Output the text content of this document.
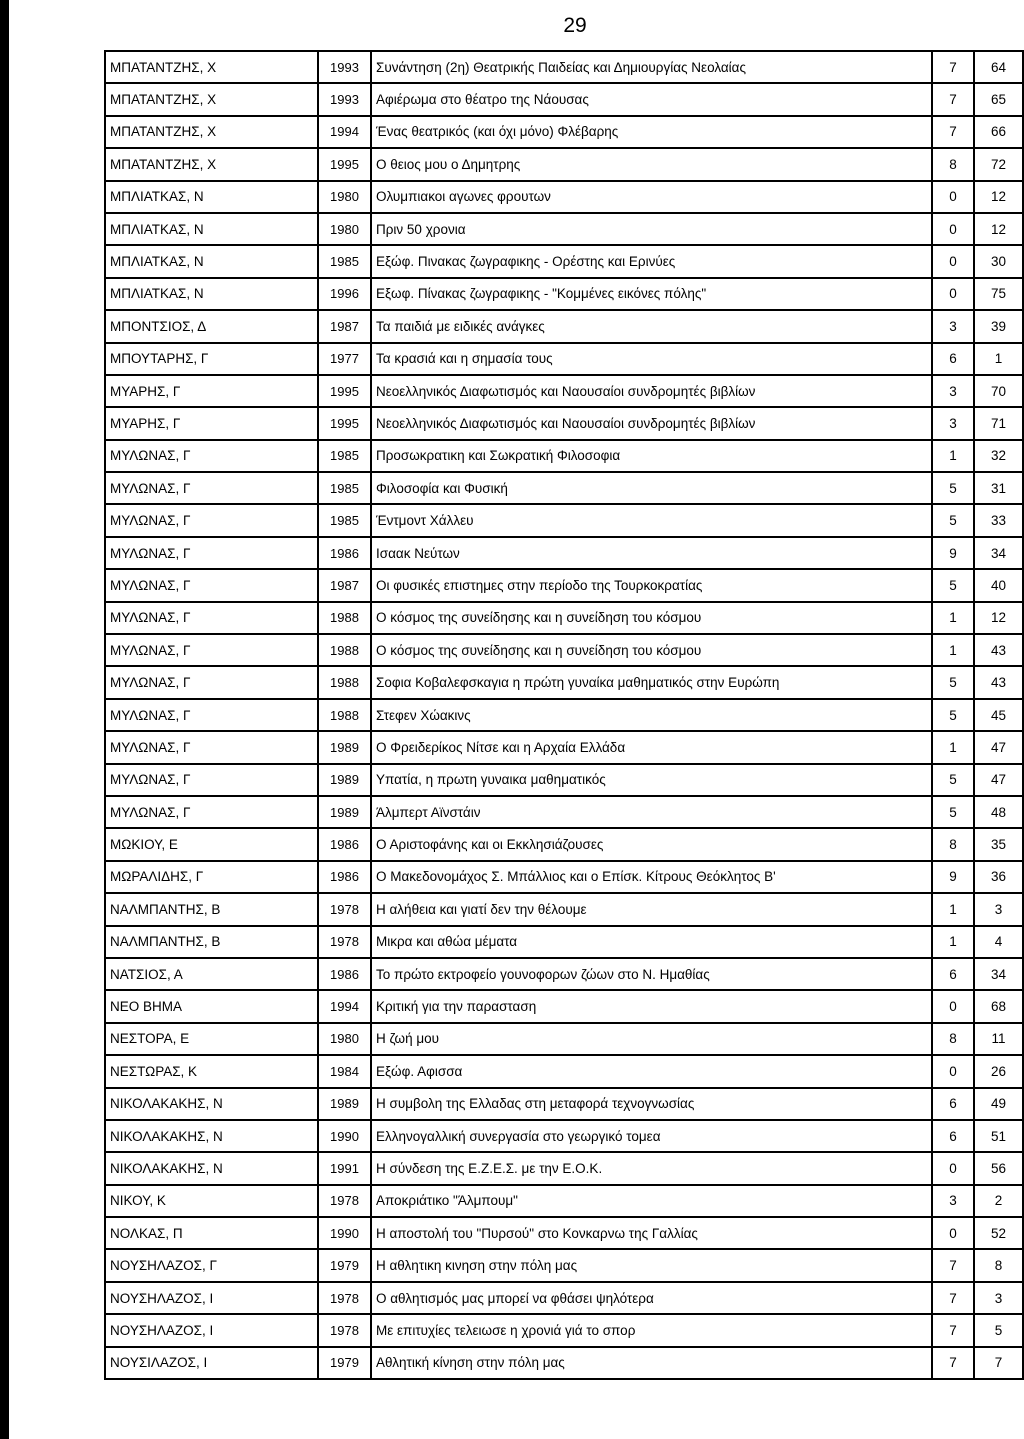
29
ΜΠΑΤΑΝΤΖΗΣ, Χ	1993	Συνάντηση (2η) Θεατρικής Παιδείας και Δημιουργίας Νεολαίας	7	64
ΜΠΑΤΑΝΤΖΗΣ, Χ	1993	Αφιέρωμα στο θέατρο της Νάουσας	7	65
ΜΠΑΤΑΝΤΖΗΣ, Χ	1994	Ένας θεατρικός (και όχι μόνο) Φλέβαρης	7	66
ΜΠΑΤΑΝΤΖΗΣ, Χ	1995	Ο θειος μου ο Δημητρης	8	72
ΜΠΛΙΑΤΚΑΣ, Ν	1980	Ολυμπιακοι αγωνες φρουτων	0	12
ΜΠΛΙΑΤΚΑΣ, Ν	1980	Πριν 50 χρονια	0	12
ΜΠΛΙΑΤΚΑΣ, Ν	1985	Εξώφ. Πινακας ζωγραφικης - Ορέστης και Ερινύες	0	30
ΜΠΛΙΑΤΚΑΣ, Ν	1996	Εξωφ. Πίνακας ζωγραφικης - "Κομμένες εικόνες πόλης"	0	75
ΜΠΟΝΤΣΙΟΣ, Δ	1987	Τα παιδιά με ειδικές ανάγκες	3	39
ΜΠΟΥΤΑΡΗΣ, Γ	1977	Τα κρασιά και η σημασία τους	6	1
ΜΥΑΡΗΣ, Γ	1995	Νεοελληνικός Διαφωτισμός και Ναουσαίοι συνδρομητές βιβλίων	3	70
ΜΥΑΡΗΣ, Γ	1995	Νεοελληνικός Διαφωτισμός και Ναουσαίοι συνδρομητές βιβλίων	3	71
ΜΥΛΩΝΑΣ, Γ	1985	Προσωκρατικη και Σωκρατική Φιλοσοφια	1	32
ΜΥΛΩΝΑΣ, Γ	1985	Φιλοσοφία και Φυσική	5	31
ΜΥΛΩΝΑΣ, Γ	1985	Έντμοντ Χάλλευ	5	33
ΜΥΛΩΝΑΣ, Γ	1986	Ισαακ Νεύτων	9	34
ΜΥΛΩΝΑΣ, Γ	1987	Οι φυσικές επιστημες στην περίοδο της Τουρκοκρατίας	5	40
ΜΥΛΩΝΑΣ, Γ	1988	Ο κόσμος της συνείδησης και η συνείδηση του κόσμου	1	12
ΜΥΛΩΝΑΣ, Γ	1988	Ο κόσμος της συνείδησης και η συνείδηση του κόσμου	1	43
ΜΥΛΩΝΑΣ, Γ	1988	Σοφια Κοβαλεφσκαγια η πρώτη γυναίκα μαθηματικός στην Ευρώπη	5	43
ΜΥΛΩΝΑΣ, Γ	1988	Στεφεν Χώακινς	5	45
ΜΥΛΩΝΑΣ, Γ	1989	Ο Φρειδερίκος Νίτσε και η Αρχαία Ελλάδα	1	47
ΜΥΛΩΝΑΣ, Γ	1989	Υπατία, η πρωτη γυναικα μαθηματικός	5	47
ΜΥΛΩΝΑΣ, Γ	1989	Άλμπερτ Αϊνστάιν	5	48
ΜΩΚΙΟΥ, Ε	1986	Ο Αριστοφάνης και οι Εκκλησιάζουσες	8	35
ΜΩΡΑΛΙΔΗΣ, Γ	1986	Ο Μακεδονομάχος Σ. Μπάλλιος και ο Επίσκ. Κίτρους Θεόκλητος Β'	9	36
ΝΑΛΜΠΑΝΤΗΣ, Β	1978	Η αλήθεια και γιατί δεν την θέλουμε	1	3
ΝΑΛΜΠΑΝΤΗΣ, Β	1978	Μικρα και αθώα μέματα	1	4
ΝΑΤΣΙΟΣ, Α	1986	Το πρώτο εκτροφείο γουνοφορων ζώων στο Ν. Ημαθίας	6	34
ΝΕΟ ΒΗΜΑ	1994	Κριτική για την παρασταση	0	68
ΝΕΣΤΟΡΑ, Ε	1980	Η ζωή μου	8	11
ΝΕΣΤΩΡΑΣ, Κ	1984	Εξώφ. Αφισσα	0	26
ΝΙΚΟΛΑΚΑΚΗΣ, Ν	1989	Η συμβολη της Ελλαδας στη μεταφορά τεχνογνωσίας	6	49
ΝΙΚΟΛΑΚΑΚΗΣ, Ν	1990	Ελληνογαλλική συνεργασία στο γεωργικό τομεα	6	51
ΝΙΚΟΛΑΚΑΚΗΣ, Ν	1991	Η σύνδεση της Ε.Ζ.Ε.Σ. με την Ε.Ο.Κ.	0	56
ΝΙΚΟΥ, Κ	1978	Αποκριάτικο "Άλμπουμ"	3	2
ΝΟΛΚΑΣ, Π	1990	Η αποστολή του "Πυρσού" στο Κονκαρνω της Γαλλίας	0	52
ΝΟΥΣΗΛΑΖΟΣ, Γ	1979	Η αθλητικη κινηση στην πόλη μας	7	8
ΝΟΥΣΗΛΑΖΟΣ, Ι	1978	Ο αθλητισμός μας μπορεί να φθάσει ψηλότερα	7	3
ΝΟΥΣΗΛΑΖΟΣ, Ι	1978	Με επιτυχίες τελειωσε η χρονιά γιά το σπορ	7	5
ΝΟΥΣΙΛΑΖΟΣ, Ι	1979	Αθλητική κίνηση στην πόλη μας	7	7
